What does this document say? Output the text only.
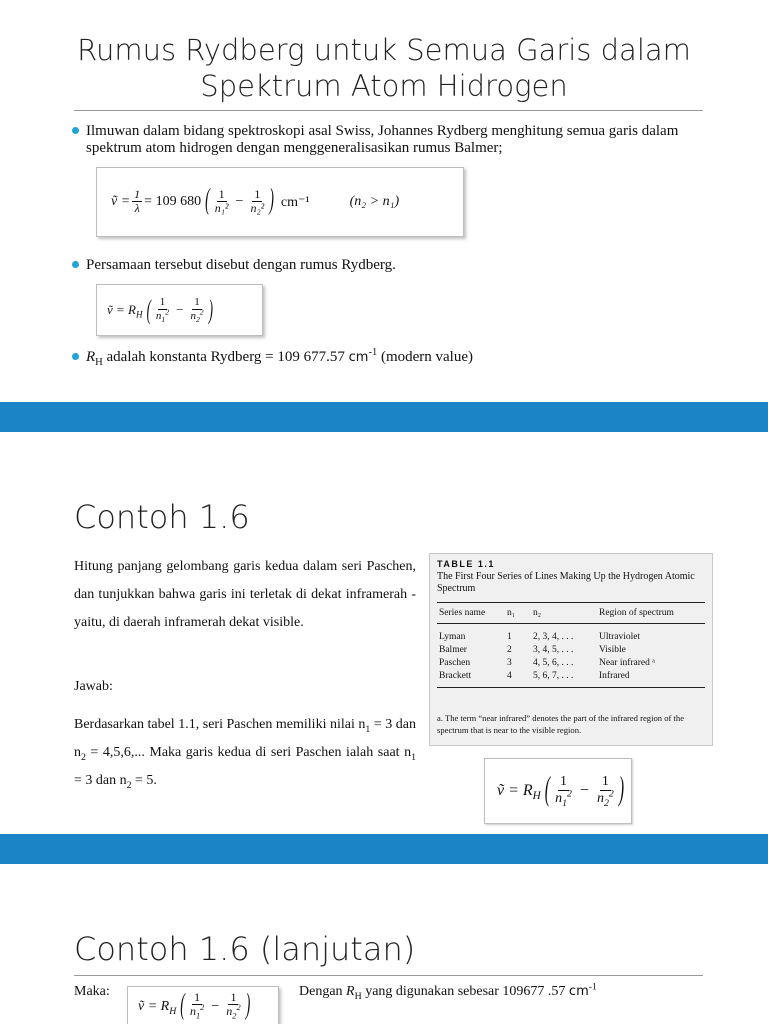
Rumus Rydberg untuk Semua Garis dalam
Spektrum Atom Hidrogen
Ilmuwan dalam bidang spektroskopi asal Swiss, Johannes Rydberg menghitung semua garis dalam spektrum atom hidrogen dengan menggeneralisasikan rumus Balmer;
ṽ = $\frac{1}{\lambda} = 109$ 680 ( $\frac{1}{\text{n₁²}} - \frac{1}{\text{n₂²}}$ ) cm⁻¹	(n₂ > n₁)
Persamaan tersebut disebut dengan rumus Rydberg.
ṽ = $R_H$ ( $\frac{1}{n_1^2} - \frac{1}{n_2^2}$ )
$R_H$ adalah konstanta Rydberg = 109 677.57 $cm^{-1}$ (modern value)
Contoh 1.6
Hitung panjang gelombang garis kedua dalam seri Paschen, dan tunjukkan bahwa garis ini terletak di dekat inframerah - yaitu, di daerah inframerah dekat visible.
Jawab:
Berdasarkan tabel 1.1, seri Paschen memiliki nilai $n_1 = 3$ dan $n_2 = 4,5,6$,... Maka garis kedua di seri Paschen ialah saat $n_1 = 3$ dan $n_2 = 5$.
TABLE 1.1
The First Four Series of Lines Making Up the Hydrogen Atomic Spectrum
Series name	n₁	n₂	Region of spectrum
Lyman	1	2, 3, 4, . . .	Ultraviolet
Balmer	2	3, 4, 5, . . .	Visible
Paschen	3	4, 5, 6, . . .	Near infrared ᵃ
Brackett	4	5, 6, 7, . . .	Infrared
a. The term “near infrared” denotes the part of the infrared region of the spectrum that is near to the visible region.
ṽ = $R_H$ ( $\frac{1}{n_1^2} - \frac{1}{n_2^2}$ )
Contoh 1.6 (lanjutan)
Maka:
ṽ = $R_H$ ( $\frac{1}{n_1^2} - \frac{1}{n_2^2}$ )	Dengan $R_H$ yang digunakan sebesar 109677 .57 $cm^{-1}$
